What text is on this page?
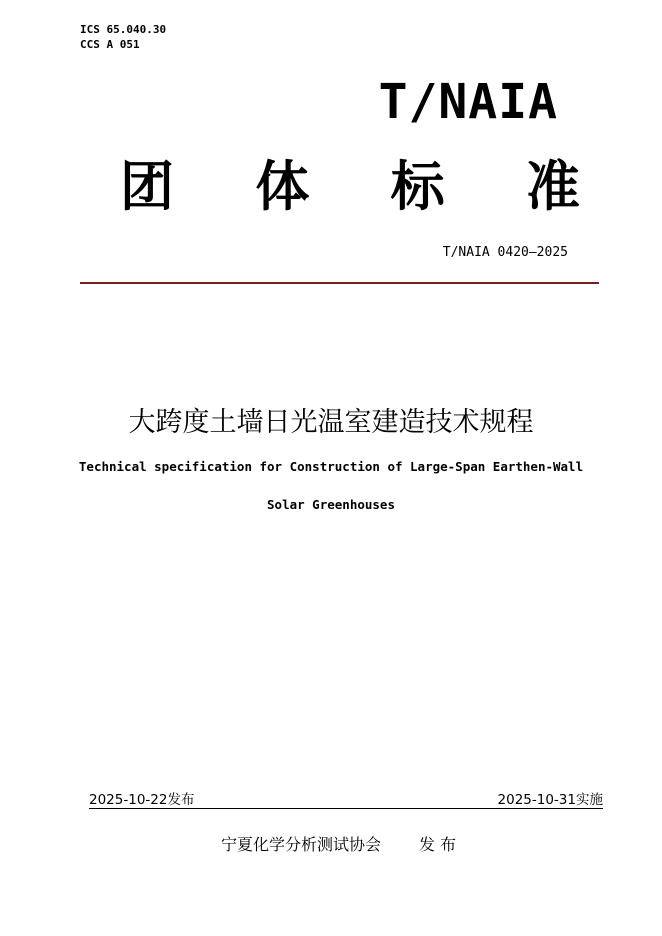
ICS 65.040.30
CCS A 051
T/NAIA
团 体 标 准
T/NAIA 0420—2025
大跨度土墙日光温室建造技术规程
Technical specification for Construction of Large-Span Earthen-Wall
Solar Greenhouses
2025-10-22发布	2025-10-31实施
宁夏化学分析测试协会 发布
